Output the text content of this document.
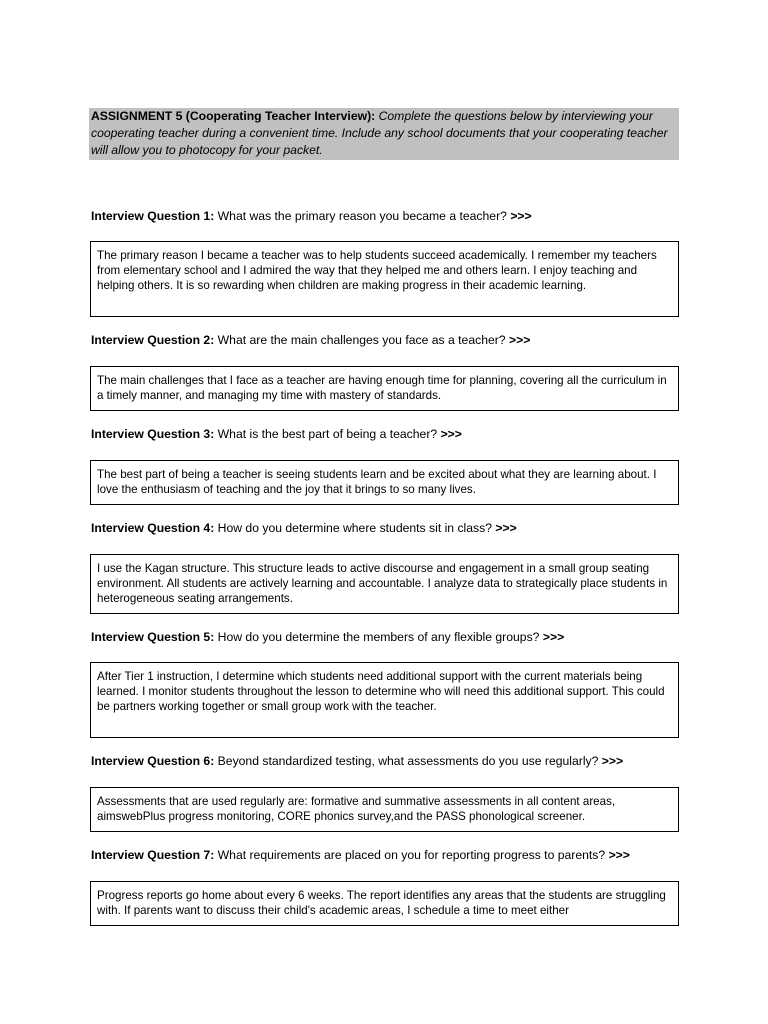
ASSIGNMENT 5 (Cooperating Teacher Interview): Complete the questions below by interviewing your cooperating teacher during a convenient time. Include any school documents that your cooperating teacher will allow you to photocopy for your packet.
Interview Question 1: What was the primary reason you became a teacher? >>>
The primary reason I became a teacher was to help students succeed academically. I remember my teachers from elementary school and I admired the way that they helped me and others learn. I enjoy teaching and helping others. It is so rewarding when children are making progress in their academic learning.
Interview Question 2: What are the main challenges you face as a teacher? >>>
The main challenges that I face as a teacher are having enough time for planning, covering all the curriculum in a timely manner, and managing my time with mastery of standards.
Interview Question 3: What is the best part of being a teacher? >>>
The best part of being a teacher is seeing students learn and be excited about what they are learning about. I love the enthusiasm of teaching and the joy that it brings to so many lives.
Interview Question 4: How do you determine where students sit in class? >>>
I use the Kagan structure. This structure leads to active discourse and engagement in a small group seating environment. All students are actively learning and accountable. I analyze data to strategically place students in heterogeneous seating arrangements.
Interview Question 5: How do you determine the members of any flexible groups? >>>
After Tier 1 instruction, I determine which students need additional support with the current materials being learned. I monitor students throughout the lesson to determine who will need this additional support. This could be partners working together or small group work with the teacher.
Interview Question 6: Beyond standardized testing, what assessments do you use regularly? >>>
Assessments that are used regularly are: formative and summative assessments in all content areas, aimswebPlus progress monitoring, CORE phonics survey,and the PASS phonological screener.
Interview Question 7: What requirements are placed on you for reporting progress to parents? >>>
Progress reports go home about every 6 weeks. The report identifies any areas that the students are struggling with. If parents want to discuss their child's academic areas, I schedule a time to meet either
